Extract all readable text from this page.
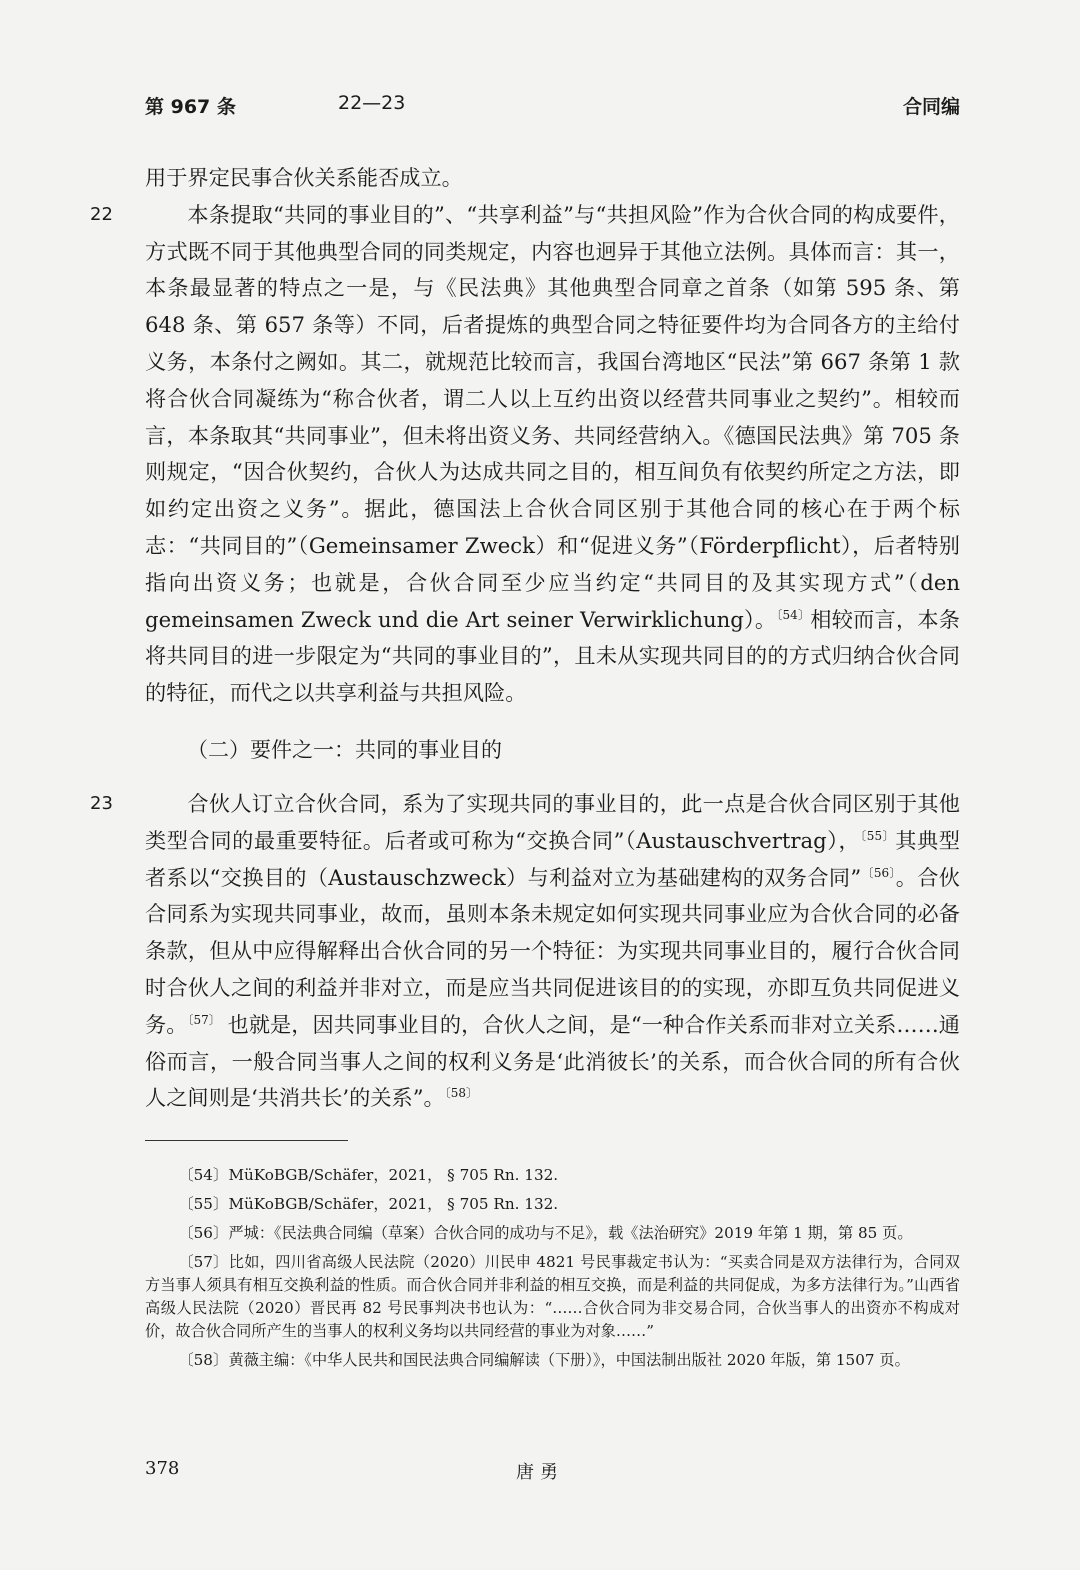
第 967 条	22—23	合同编

用于界定民事合伙关系能否成立。

22	本条提取“共同的事业目的”、“共享利益”与“共担风险”作为合伙合同的构成要件，方式既不同于其他典型合同的同类规定，内容也迥异于其他立法例。具体而言：其一，本条最显著的特点之一是，与《民法典》其他典型合同章之首条（如第 595 条、第 648 条、第 657 条等）不同，后者提炼的典型合同之特征要件均为合同各方的主给付义务，本条付之阙如。其二，就规范比较而言，我国台湾地区“民法”第 667 条第 1 款将合伙合同凝练为“称合伙者，谓二人以上互约出资以经营共同事业之契约”。相较而言，本条取其“共同事业”，但未将出资义务、共同经营纳入。《德国民法典》第 705 条则规定，“因合伙契约，合伙人为达成共同之目的，相互间负有依契约所定之方法，即如约定出资之义务”。据此，德国法上合伙合同区别于其他合同的核心在于两个标志：“共同目的”（Gemeinsamer Zweck）和“促进义务”（Förderpflicht），后者特别指向出资义务；也就是，合伙合同至少应当约定“共同目的及其实现方式”（den gemeinsamen Zweck und die Art seiner Verwirklichung）。$^{〔54〕}$相较而言，本条将共同目的进一步限定为“共同的事业目的”，且未从实现共同目的的方式归纳合伙合同的特征，而代之以共享利益与共担风险。

（二）要件之一：共同的事业目的

23	合伙人订立合伙合同，系为了实现共同的事业目的，此一点是合伙合同区别于其他类型合同的最重要特征。后者或可称为“交换合同”（Austauschvertrag），$^{〔55〕}$其典型者系以“交换目的（Austauschzweck）与利益对立为基础建构的双务合同”$^{〔56〕}$。合伙合同系为实现共同事业，故而，虽则本条未规定如何实现共同事业应为合伙合同的必备条款，但从中应得解释出合伙合同的另一个特征：为实现共同事业目的，履行合伙合同时合伙人之间的利益并非对立，而是应当共同促进该目的的实现，亦即互负共同促进义务。$^{〔57〕}$ 也就是，因共同事业目的，合伙人之间，是“一种合作关系而非对立关系……通俗而言，一般合同当事人之间的权利义务是‘此消彼长’的关系，而合伙合同的所有合伙人之间则是‘共消共长’的关系”。$^{〔58〕}$

〔54〕MüKoBGB/Schäfer，2021， § 705 Rn. 132.

〔55〕MüKoBGB/Schäfer，2021， § 705 Rn. 132.

〔56〕严城：《民法典合同编（草案）合伙合同的成功与不足》，载《法治研究》2019 年第 1 期，第 85 页。

〔57〕比如，四川省高级人民法院（2020）川民申 4821 号民事裁定书认为：“买卖合同是双方法律行为，合同双方当事人须具有相互交换利益的性质。而合伙合同并非利益的相互交换，而是利益的共同促成，为多方法律行为。”山西省高级人民法院（2020）晋民再 82 号民事判决书也认为：“……合伙合同为非交易合同，合伙当事人的出资亦不构成对价，故合伙合同所产生的当事人的权利义务均以共同经营的事业为对象……”

〔58〕黄薇主编：《中华人民共和国民法典合同编解读（下册）》，中国法制出版社 2020 年版，第 1507 页。

378	唐勇
